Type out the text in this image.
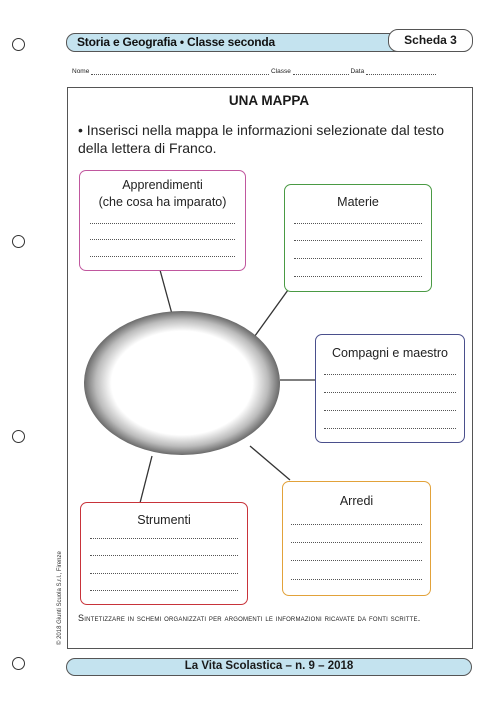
Storia e Geografia • Classe seconda	Scheda 3
Nome	Classe	Data
UNA MAPPA
• Inserisci nella mappa le informazioni selezionate dal testo della lettera di Franco.
Apprendimenti
(che cosa ha imparato)	Materie
Compagni e maestro
Arredi
Strumenti
© 2018 Giunti Scuola S.r.l., Firenze Sintetizzare in schemi organizzati per argomenti le informazioni ricavate da fonti scritte.
La Vita Scolastica – n. 9 – 2018
